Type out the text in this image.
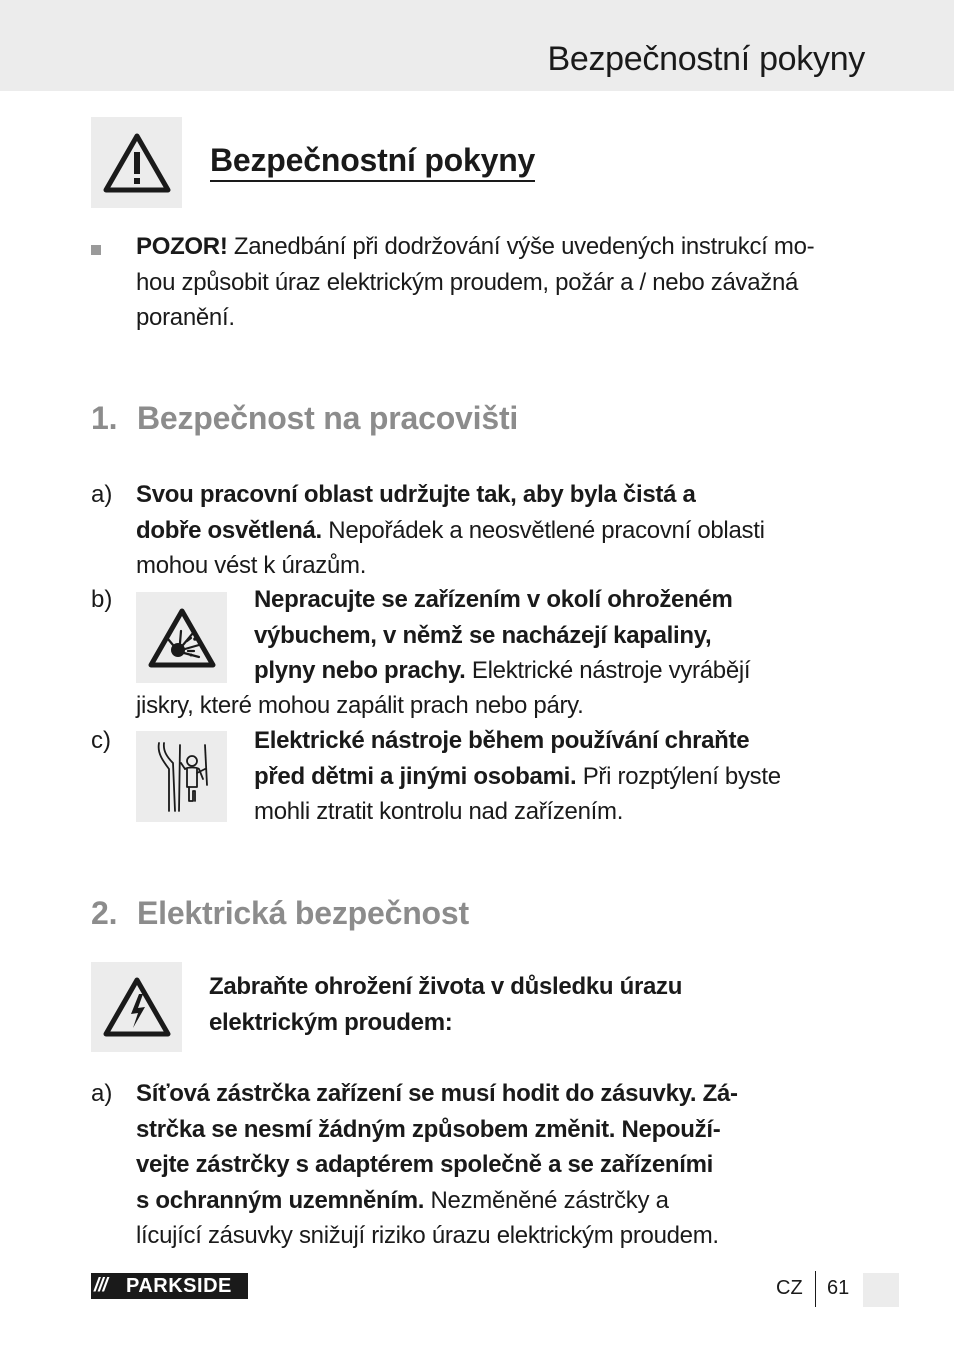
Bezpečnostní pokyny
Bezpečnostní pokyny
POZOR! Zanedbání při dodržování výše uvedených instrukcí mo-
hou způsobit úraz elektrickým proudem, požár a / nebo závažná
poranění.
1. Bezpečnost na pracovišti
a) Svou pracovní oblast udržujte tak, aby byla čistá a
dobře osvětlená. Nepořádek a neosvětlené pracovní oblasti
mohou vést k úrazům.
b)	Nepracujte se zařízením v okolí ohroženém
výbuchem, v němž se nacházejí kapaliny,
plyny nebo prachy. Elektrické nástroje vyrábějí
jiskry, které mohou zapálit prach nebo páry.
c)	Elektrické nástroje během používání chraňte
před dětmi a jinými osobami. Při rozptýlení byste
mohli ztratit kontrolu nad zařízením.
2. Elektrická bezpečnost
Zabraňte ohrožení života v důsledku úrazu
elektrickým proudem:
a) Síťová zástrčka zařízení se musí hodit do zásuvky. Zá-
strčka se nesmí žádným způsobem změnit. Nepouží-
vejte zástrčky s adaptérem společně a se zařízeními
s ochranným uzemněním. Nezměněné zástrčky a
lícující zásuvky snižují riziko úrazu elektrickým proudem.
/// PARKSIDE	CZ 61
